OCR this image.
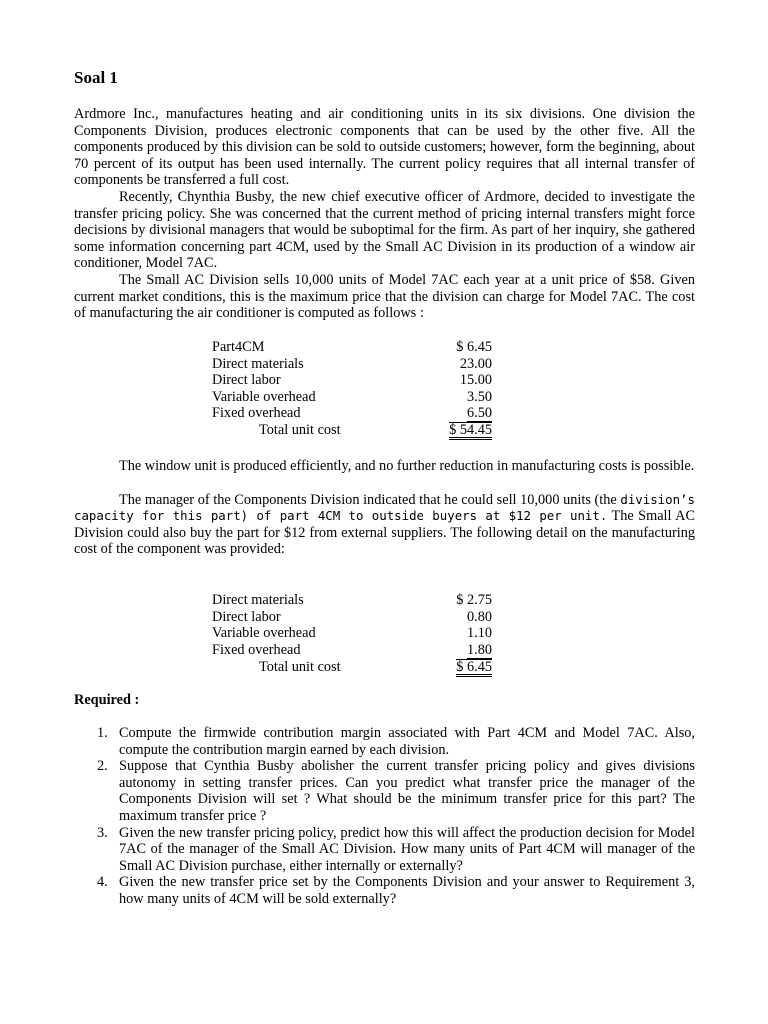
Soal 1

Ardmore Inc., manufactures heating and air conditioning units in its six divisions. One division the Components Division, produces electronic components that can be used by the other five. All the components produced by this division can be sold to outside customers; however, form the beginning, about 70 percent of its output has been used internally. The current policy requires that all internal transfer of components be transferred a full cost.

Recently, Chynthia Busby, the new chief executive officer of Ardmore, decided to investigate the transfer pricing policy. She was concerned that the current method of pricing internal transfers might force decisions by divisional managers that would be suboptimal for the firm. As part of her inquiry, she gathered some information concerning part 4CM, used by the Small AC Division in its production of a window air conditioner, Model 7AC.

The Small AC Division sells 10,000 units of Model 7AC each year at a unit price of $58. Given current market conditions, this is the maximum price that the division can charge for Model 7AC. The cost of manufacturing the air conditioner is computed as follows :

Part4CM	$ 6.45
Direct materials	23.00
Direct labor	15.00
Variable overhead	3.50
Fixed overhead	6.50
Total unit cost	$ 54.45

The window unit is produced efficiently, and no further reduction in manufacturing costs is possible.

The manager of the Components Division indicated that he could sell 10,000 units (the division’s capacity for this part) of part 4CM to outside buyers at $12 per unit. The Small AC Division could also buy the part for $12 from external suppliers. The following detail on the manufacturing cost of the component was provided:

Direct materials	$ 2.75
Direct labor	0.80
Variable overhead	1.10
Fixed overhead	1.80
Total unit cost	$ 6.45
Required :
1. Compute the firmwide contribution margin associated with Part 4CM and Model 7AC. Also, compute the contribution margin earned by each division.
2. Suppose that Cynthia Busby abolisher the current transfer pricing policy and gives divisions autonomy in setting transfer prices. Can you predict what transfer price the manager of the Components Division will set ? What should be the minimum transfer price for this part? The maximum transfer price ?
3. Given the new transfer pricing policy, predict how this will affect the production decision for Model 7AC of the manager of the Small AC Division. How many units of Part 4CM will manager of the Small AC Division purchase, either internally or externally?
4. Given the new transfer price set by the Components Division and your answer to Requirement 3, how many units of 4CM will be sold externally?
